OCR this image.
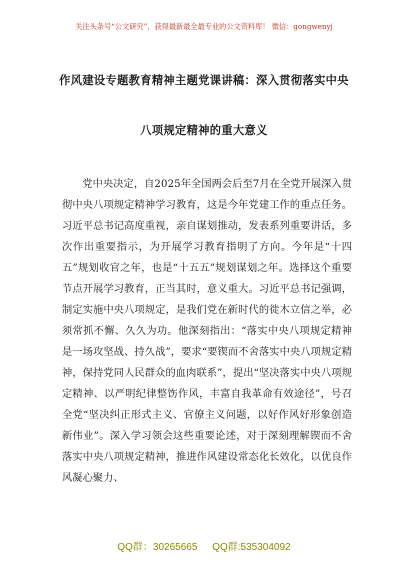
关注头条号“公文研究”，获得最新最全最专业的公文资料库！ 微信：gongwenyj
作风建设专题教育精神主题党课讲稿：深入贯彻落实中央
八项规定精神的重大意义
党中央决定，自2025年全国两会后至7月在全党开展深入贯彻中央八项规定精神学习教育，这是今年党建工作的重点任务。习近平总书记高度重视，亲自谋划推动，发表系列重要讲话，多次作出重要指示，为开展学习教育指明了方向。今年是“十四五”规划收官之年，也是“十五五”规划谋划之年。选择这个重要节点开展学习教育，正当其时，意义重大。习近平总书记强调，制定实施中央八项规定，是我们党在新时代的徙木立信之举，必须常抓不懈、久久为功。他深刻指出：“落实中央八项规定精神是一场攻坚战、持久战”，要求“要锲而不舍落实中央八项规定精神，保持党同人民群众的血肉联系”，提出“坚决落实中央八项规定精神、以严明纪律整饬作风，丰富自我革命有效途径”，号召全党“坚决纠正形式主义、官僚主义问题，以好作风好形象创造新伟业”。深入学习领会这些重要论述，对于深刻理解锲而不舍落实中央八项规定精神，推进作风建设常态化长效化，以优良作风凝心聚力、
QQ群：30265665 QQ群:535304092
